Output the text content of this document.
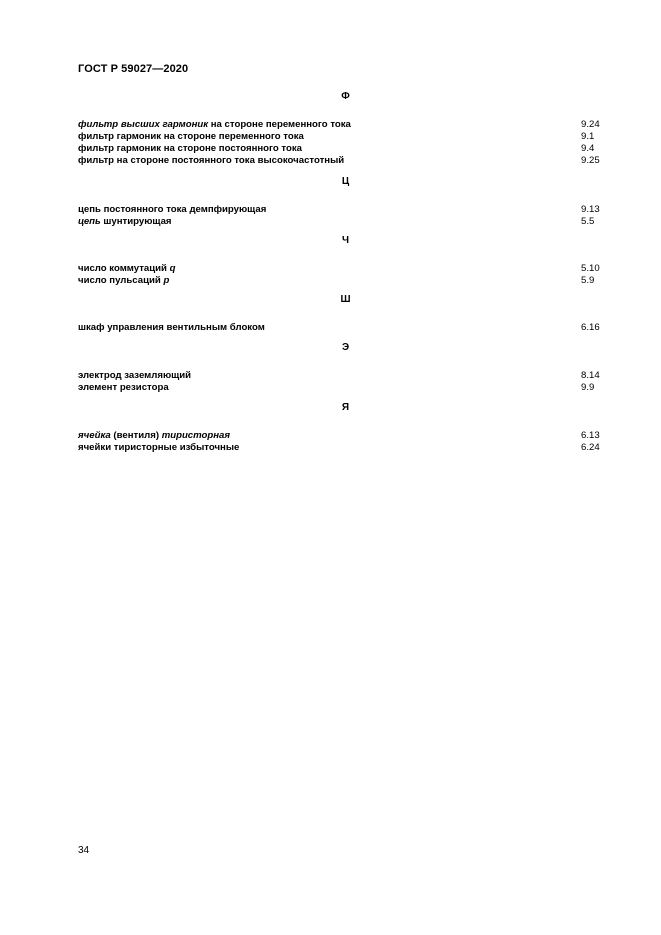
ГОСТ Р 59027—2020
Ф
фильтр высших гармоник на стороне переменного тока	9.24
фильтр гармоник на стороне переменного тока	9.1
фильтр гармоник на стороне постоянного тока	9.4
фильтр на стороне постоянного тока высокочастотный	9.25
Ц
цепь постоянного тока демпфирующая	9.13
цепь шунтирующая	5.5
Ч
число коммутаций q	5.10
число пульсаций p	5.9
Ш
шкаф управления вентильным блоком	6.16
Э
электрод заземляющий	8.14
элемент резистора	9.9
Я
ячейка (вентиля) тиристорная	6.13
ячейки тиристорные избыточные	6.24
34
